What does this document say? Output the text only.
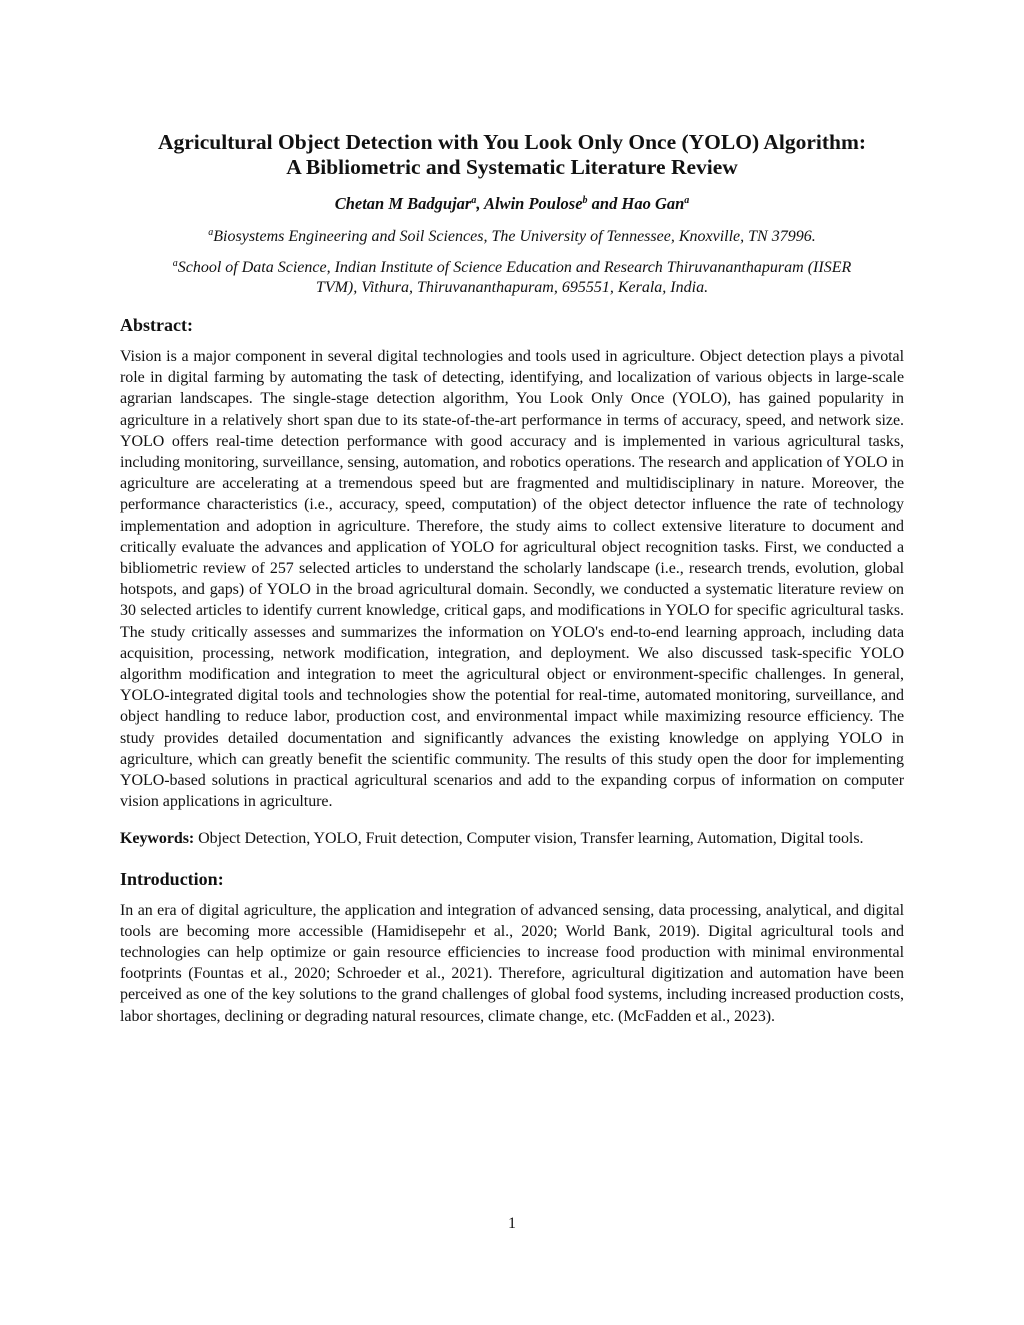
Agricultural Object Detection with You Look Only Once (YOLO) Algorithm:
A Bibliometric and Systematic Literature Review
Chetan M Badgujar$^a$, Alwin Poulose$^b$ and Hao Gan$^a$
$^a$Biosystems Engineering and Soil Sciences, The University of Tennessee, Knoxville, TN 37996.
$^a$School of Data Science, Indian Institute of Science Education and Research Thiruvananthapuram (IISER
TVM), Vithura, Thiruvananthapuram, 695551, Kerala, India.
Abstract:

Vision is a major component in several digital technologies and tools used in agriculture. Object detection plays a pivotal role in digital farming by automating the task of detecting, identifying, and localization of various objects in large-scale agrarian landscapes. The single-stage detection algorithm, You Look Only Once (YOLO), has gained popularity in agriculture in a relatively short span due to its state-of-the-art performance in terms of accuracy, speed, and network size. YOLO offers real-time detection performance with good accuracy and is implemented in various agricultural tasks, including monitoring, surveillance, sensing, automation, and robotics operations. The research and application of YOLO in agriculture are accelerating at a tremendous speed but are fragmented and multidisciplinary in nature. Moreover, the performance characteristics (i.e., accuracy, speed, computation) of the object detector influence the rate of technology implementation and adoption in agriculture. Therefore, the study aims to collect extensive literature to document and critically evaluate the advances and application of YOLO for agricultural object recognition tasks. First, we conducted a bibliometric review of 257 selected articles to understand the scholarly landscape (i.e., research trends, evolution, global hotspots, and gaps) of YOLO in the broad agricultural domain. Secondly, we conducted a systematic literature review on 30 selected articles to identify current knowledge, critical gaps, and modifications in YOLO for specific agricultural tasks. The study critically assesses and summarizes the information on YOLO's end-to-end learning approach, including data acquisition, processing, network modification, integration, and deployment. We also discussed task-specific YOLO algorithm modification and integration to meet the agricultural object or environment-specific challenges. In general, YOLO-integrated digital tools and technologies show the potential for real-time, automated monitoring, surveillance, and object handling to reduce labor, production cost, and environmental impact while maximizing resource efficiency. The study provides detailed documentation and significantly advances the existing knowledge on applying YOLO in agriculture, which can greatly benefit the scientific community. The results of this study open the door for implementing YOLO-based solutions in practical agricultural scenarios and add to the expanding corpus of information on computer vision applications in agriculture.

Keywords: Object Detection, YOLO, Fruit detection, Computer vision, Transfer learning, Automation, Digital tools.

Introduction:

In an era of digital agriculture, the application and integration of advanced sensing, data processing, analytical, and digital tools are becoming more accessible (Hamidisepehr et al., 2020; World Bank, 2019). Digital agricultural tools and technologies can help optimize or gain resource efficiencies to increase food production with minimal environmental footprints (Fountas et al., 2020; Schroeder et al., 2021). Therefore, agricultural digitization and automation have been perceived as one of the key solutions to the grand challenges of global food systems, including increased production costs, labor shortages, declining or degrading natural resources, climate change, etc. (McFadden et al., 2023).

1
